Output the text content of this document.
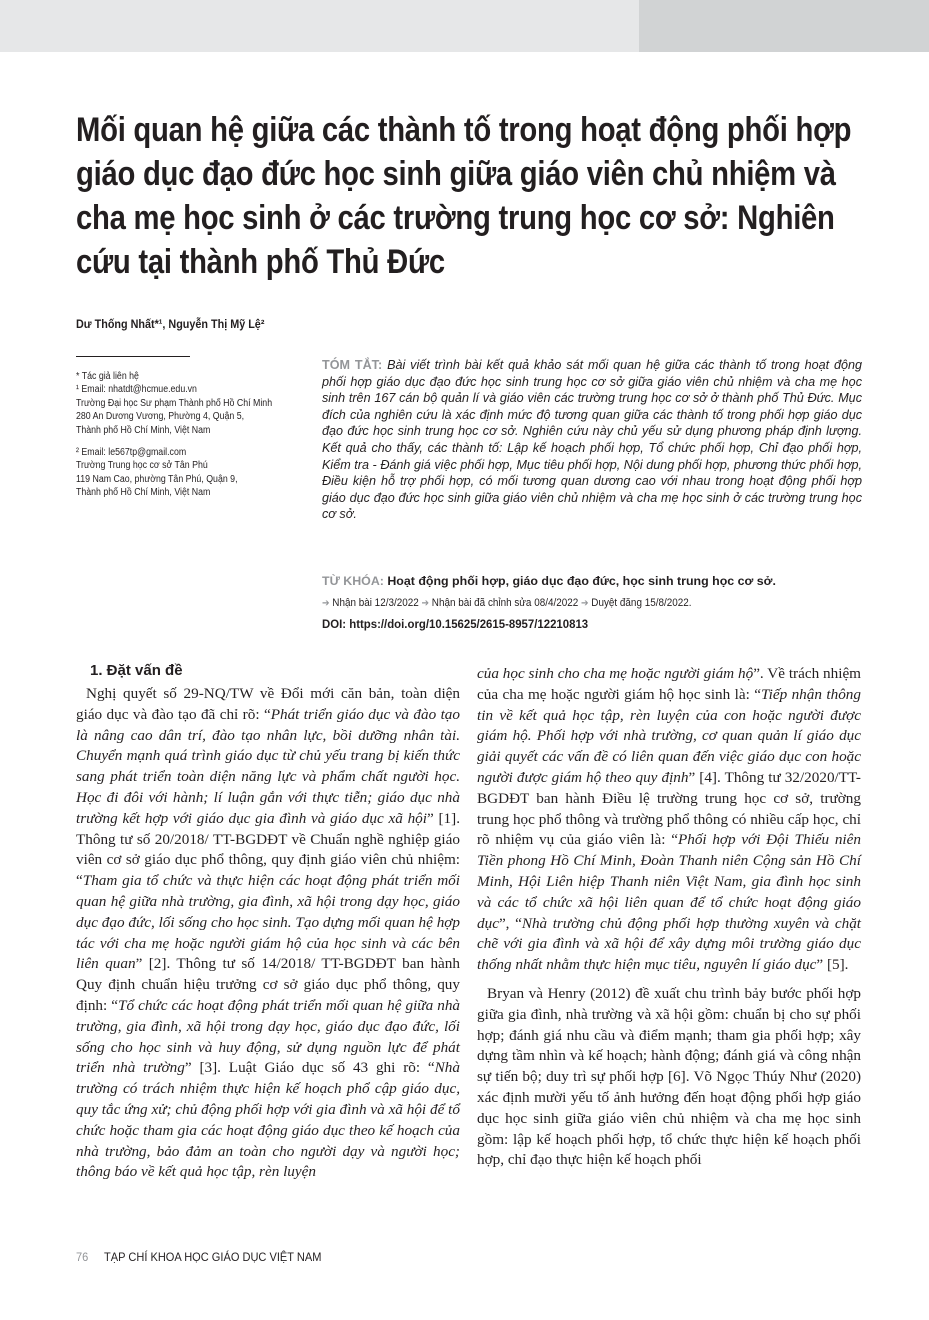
Mối quan hệ giữa các thành tố trong hoạt động phối hợp giáo dục đạo đức học sinh giữa giáo viên chủ nhiệm và cha mẹ học sinh ở các trường trung học cơ sở: Nghiên cứu tại thành phố Thủ Đức
Dư Thống Nhất*¹, Nguyễn Thị Mỹ Lệ²

* Tác giả liên hệ

¹ Email: nhatdt@hcmue.edu.vn

Trường Đại học Sư phạm Thành phố Hồ Chí Minh

280 An Dương Vương, Phường 4, Quận 5,

Thành phố Hồ Chí Minh, Việt Nam

² Email: le567tp@gmail.com

Trường Trung học cơ sở Tân Phú

119 Nam Cao, phường Tân Phú, Quận 9,

Thành phố Hồ Chí Minh, Việt Nam

TÓM TẮT: Bài viết trình bài kết quả khảo sát mối quan hệ giữa các thành tố trong hoạt động phối hợp giáo dục đạo đức học sinh trung học cơ sở giữa giáo viên chủ nhiệm và cha mẹ học sinh trên 167 cán bộ quản lí và giáo viên các trường trung học cơ sở ở thành phố Thủ Đức. Mục đích của nghiên cứu là xác định mức độ tương quan giữa các thành tố trong phối hợp giáo dục đạo đức học sinh trung học cơ sở. Nghiên cứu này chủ yếu sử dụng phương pháp định lượng. Kết quả cho thấy, các thành tố: Lập kế hoạch phối hợp, Tổ chức phối hợp, Chỉ đạo phối hợp, Kiểm tra - Đánh giá việc phối hợp, Mục tiêu phối hợp, Nội dung phối hợp, phương thức phối hợp, Điều kiện hỗ trợ phối hợp, có mối tương quan dương cao với nhau trong hoạt động phối hợp giáo dục đạo đức học sinh giữa giáo viên chủ nhiệm và cha mẹ học sinh ở các trường trung học cơ sở.
TỪ KHÓA: Hoạt động phối hợp, giáo dục đạo đức, học sinh trung học cơ sở.
➔ Nhận bài 12/3/2022 ➔ Nhận bài đã chỉnh sửa 08/4/2022 ➔ Duyệt đăng 15/8/2022.
DOI: https://doi.org/10.15625/2615-8957/12210813
1. Đặt vấn đề

Nghị quyết số 29-NQ/TW về Đổi mới căn bản, toàn diện giáo dục và đào tạo đã chỉ rõ: “Phát triển giáo dục và đào tạo là nâng cao dân trí, đào tạo nhân lực, bồi dưỡng nhân tài. Chuyển mạnh quá trình giáo dục từ chủ yếu trang bị kiến thức sang phát triển toàn diện năng lực và phẩm chất người học. Học đi đôi với hành; lí luận gắn với thực tiễn; giáo dục nhà trường kết hợp với giáo dục gia đình và giáo dục xã hội” [1]. Thông tư số 20/2018/ TT-BGDĐT về Chuẩn nghề nghiệp giáo viên cơ sở giáo dục phổ thông, quy định giáo viên chủ nhiệm: “Tham gia tổ chức và thực hiện các hoạt động phát triển mối quan hệ giữa nhà trường, gia đình, xã hội trong dạy học, giáo dục đạo đức, lối sống cho học sinh. Tạo dựng mối quan hệ hợp tác với cha mẹ hoặc người giám hộ của học sinh và các bên liên quan” [2]. Thông tư số 14/2018/ TT-BGDĐT ban hành Quy định chuẩn hiệu trưởng cơ sở giáo dục phổ thông, quy định: “Tổ chức các hoạt động phát triển mối quan hệ giữa nhà trường, gia đình, xã hội trong dạy học, giáo dục đạo đức, lối sống cho học sinh và huy động, sử dụng nguồn lực để phát triển nhà trường” [3]. Luật Giáo dục số 43 ghi rõ: “Nhà trường có trách nhiệm thực hiện kế hoạch phổ cập giáo dục, quy tắc ứng xử; chủ động phối hợp với gia đình và xã hội để tổ chức hoặc tham gia các hoạt động giáo dục theo kế hoạch của nhà trường, bảo đảm an toàn cho người dạy và người học; thông báo về kết quả học tập, rèn luyện

của học sinh cho cha mẹ hoặc người giám hộ”. Về trách nhiệm của cha mẹ hoặc người giám hộ học sinh là: “Tiếp nhận thông tin về kết quả học tập, rèn luyện của con hoặc người được giám hộ. Phối hợp với nhà trường, cơ quan quản lí giáo dục giải quyết các vấn đề có liên quan đến việc giáo dục con hoặc người được giám hộ theo quy định” [4]. Thông tư 32/2020/TT-BGDĐT ban hành Điều lệ trường trung học cơ sở, trường trung học phổ thông và trường phổ thông có nhiều cấp học, chỉ rõ nhiệm vụ của giáo viên là: “Phối hợp với Đội Thiếu niên Tiền phong Hồ Chí Minh, Đoàn Thanh niên Cộng sản Hồ Chí Minh, Hội Liên hiệp Thanh niên Việt Nam, gia đình học sinh và các tổ chức xã hội liên quan để tổ chức hoạt động giáo dục”, “Nhà trường chủ động phối hợp thường xuyên và chặt chẽ với gia đình và xã hội để xây dựng môi trường giáo dục thống nhất nhằm thực hiện mục tiêu, nguyên lí giáo dục” [5].

Bryan và Henry (2012) đề xuất chu trình bảy bước phối hợp giữa gia đình, nhà trường và xã hội gồm: chuẩn bị cho sự phối hợp; đánh giá nhu cầu và điểm mạnh; tham gia phối hợp; xây dựng tầm nhìn và kế hoạch; hành động; đánh giá và công nhận sự tiến bộ; duy trì sự phối hợp [6]. Võ Ngọc Thúy Như (2020) xác định mười yếu tố ảnh hưởng đến hoạt động phối hợp giáo dục học sinh giữa giáo viên chủ nhiệm và cha mẹ học sinh gồm: lập kế hoạch phối hợp, tổ chức thực hiện kế hoạch phối hợp, chỉ đạo thực hiện kế hoạch phối

76 TẠP CHÍ KHOA HỌC GIÁO DỤC VIỆT NAM
